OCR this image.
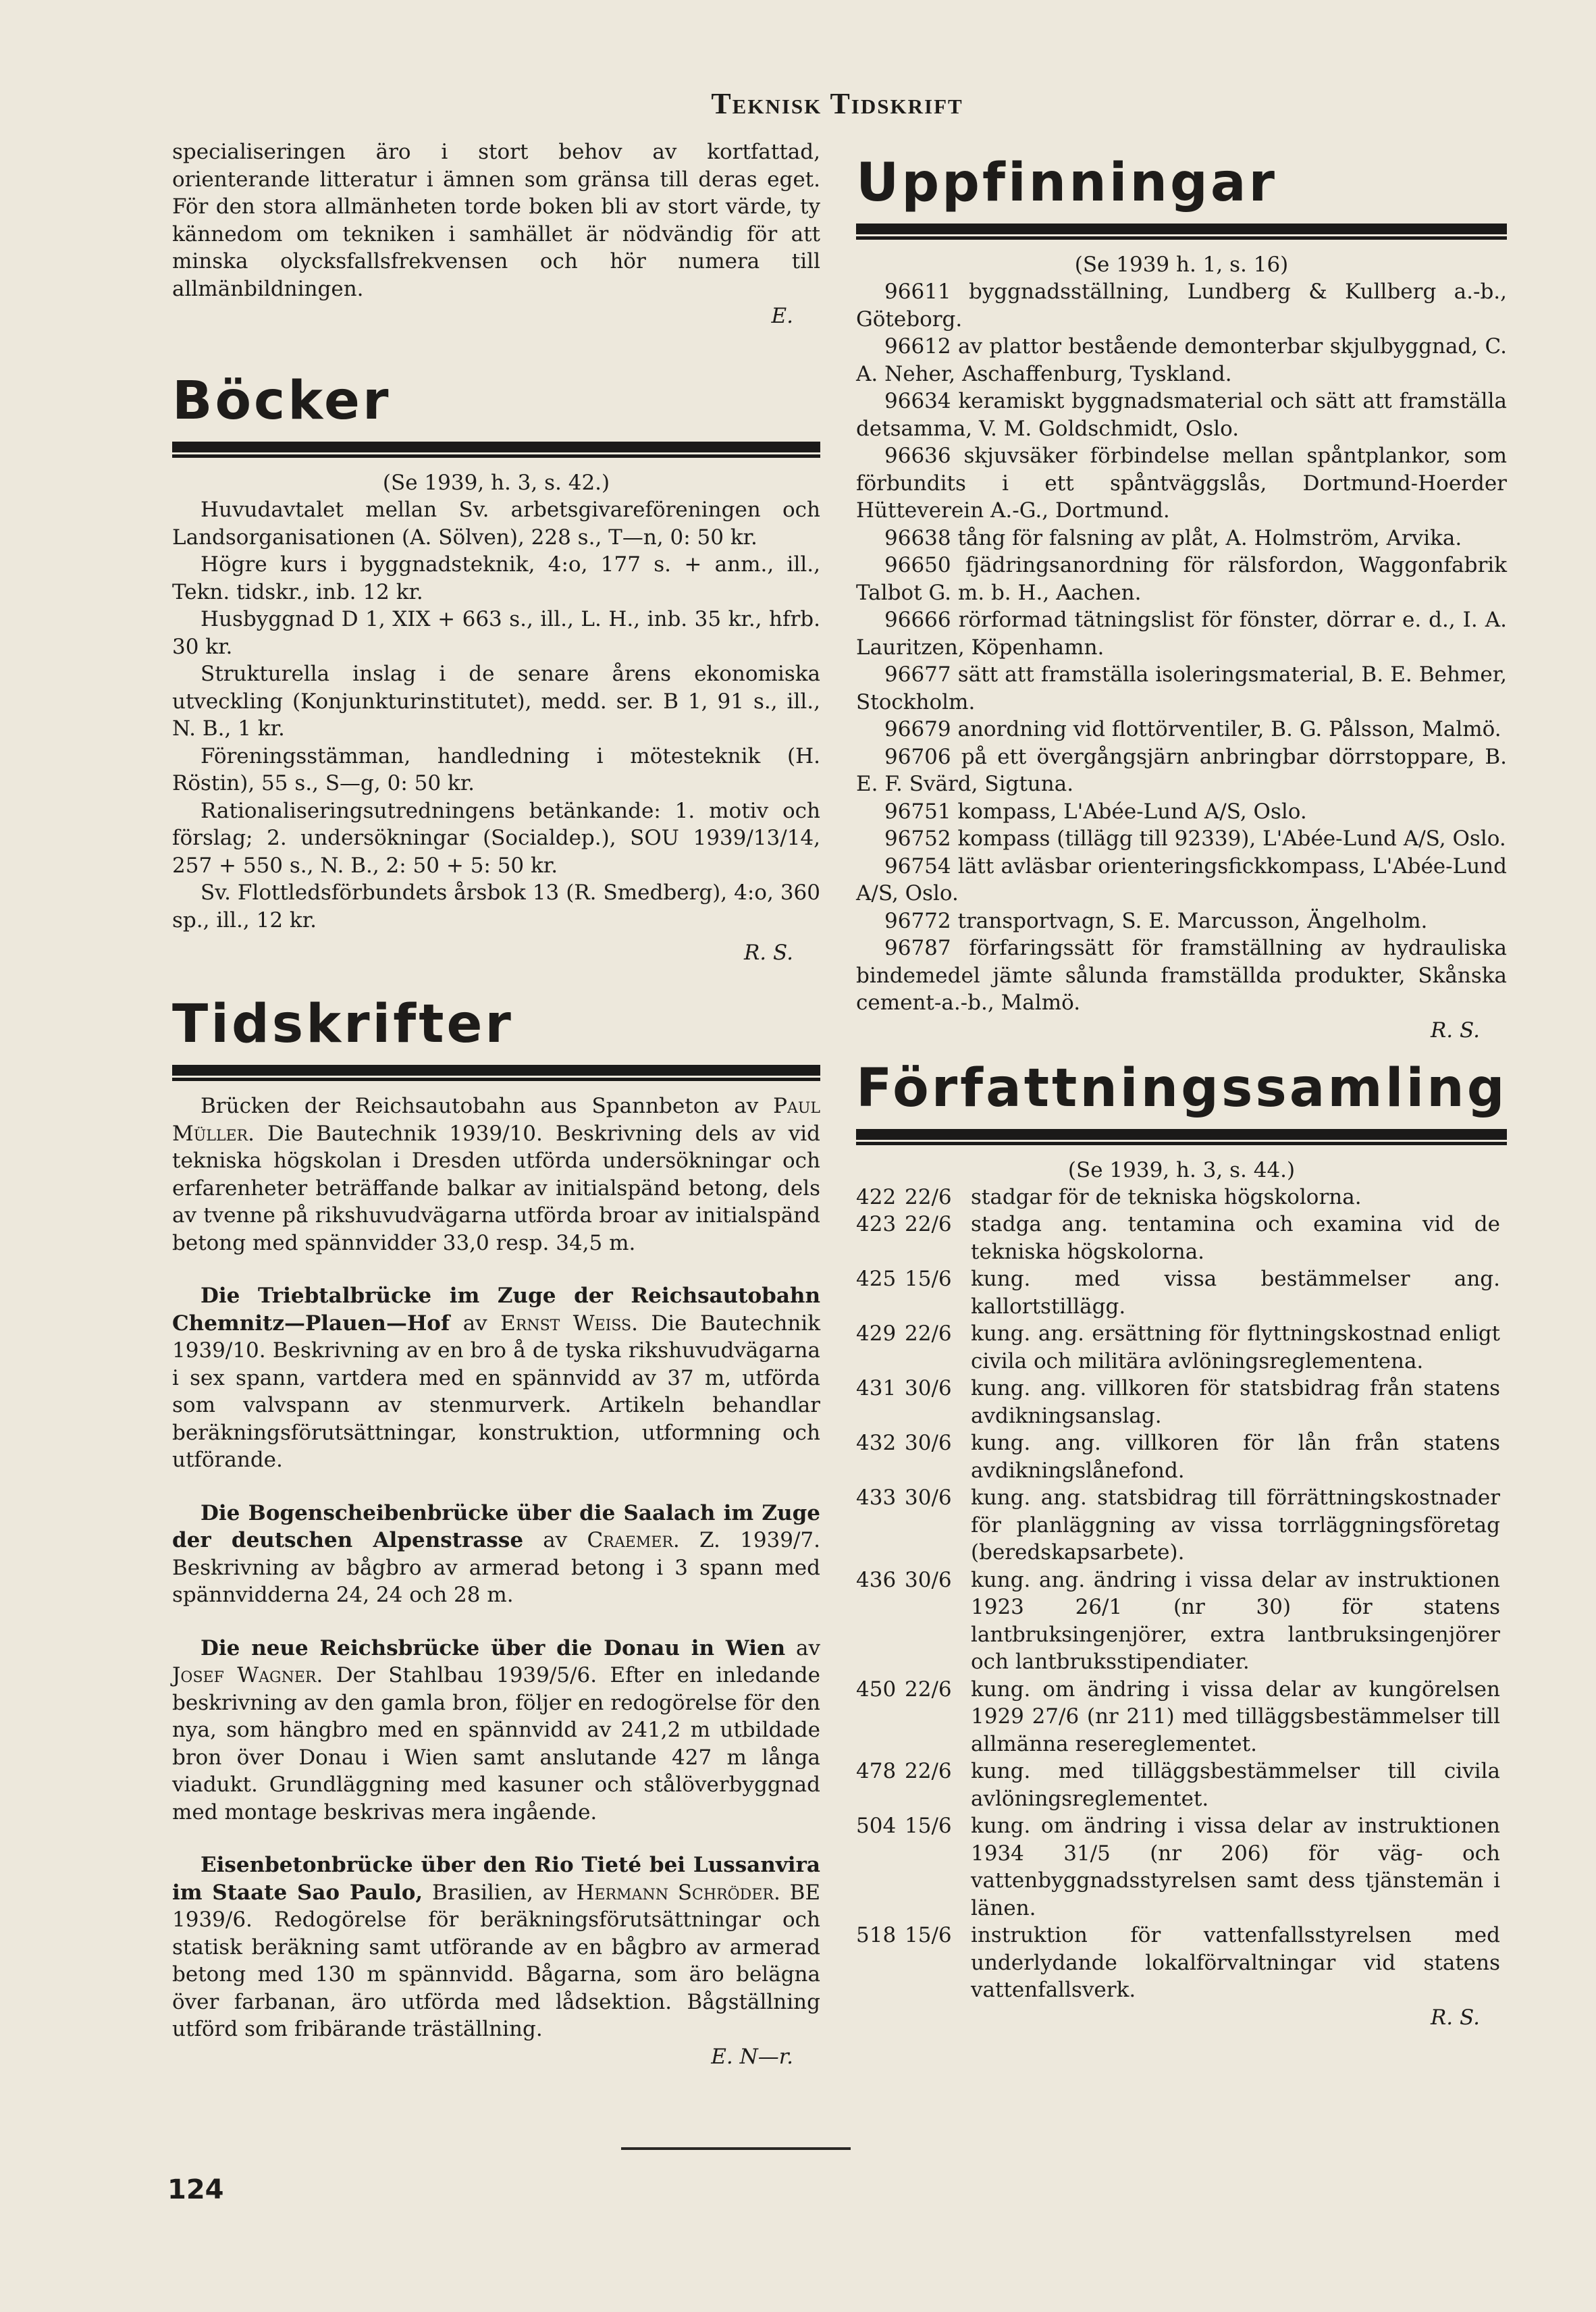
Teknisk Tidskrift

specialiseringen äro i stort behov av kortfattad, orienterande litteratur i ämnen som gränsa till deras eget. För den stora allmänheten torde boken bli av stort värde, ty kännedom om tekniken i samhället är nödvändig för att minska olycksfallsfrekvensen och hör numera till allmänbildningen.

E.
Böcker
(Se 1939, h. 3, s. 42.)

Huvudavtalet mellan Sv. arbetsgivareföreningen och Landsorganisationen (A. Sölven), 228 s., T—n, 0: 50 kr.

Högre kurs i byggnadsteknik, 4:o, 177 s. + anm., ill., Tekn. tidskr., inb. 12 kr.

Husbyggnad D 1, XIX + 663 s., ill., L. H., inb. 35 kr., hfrb. 30 kr.

Strukturella inslag i de senare årens ekonomiska utveckling (Konjunkturinstitutet), medd. ser. B 1, 91 s., ill., N. B., 1 kr.

Föreningsstämman, handledning i mötesteknik (H. Röstin), 55 s., S—g, 0: 50 kr.

Rationaliseringsutredningens betänkande: 1. motiv och förslag; 2. undersökningar (Socialdep.), SOU 1939/13/14, 257 + 550 s., N. B., 2: 50 + 5: 50 kr.

Sv. Flottledsförbundets årsbok 13 (R. Smedberg), 4:o, 360 sp., ill., 12 kr.

R. S.
Tidskrifter

Brücken der Reichsautobahn aus Spannbeton av Paul Müller. Die Bautechnik 1939/10. Beskrivning dels av vid tekniska högskolan i Dresden utförda undersökningar och erfarenheter beträffande balkar av initialspänd betong, dels av tvenne på rikshuvudvägarna utförda broar av initialspänd betong med spännvidder 33,0 resp. 34,5 m.

Die Triebtalbrücke im Zuge der Reichsautobahn Chemnitz—Plauen—Hof av Ernst Weiss. Die Bautechnik 1939/10. Beskrivning av en bro å de tyska rikshuvudvägarna i sex spann, vartdera med en spännvidd av 37 m, utförda som valvspann av stenmurverk. Artikeln behandlar beräkningsförutsättningar, konstruktion, utformning och utförande.

Die Bogenscheibenbrücke über die Saalach im Zuge der deutschen Alpenstrasse av Craemer. Z. 1939/7. Beskrivning av bågbro av armerad betong i 3 spann med spännvidderna 24, 24 och 28 m.

Die neue Reichsbrücke über die Donau in Wien av Josef Wagner. Der Stahlbau 1939/5/6. Efter en inledande beskrivning av den gamla bron, följer en redogörelse för den nya, som hängbro med en spännvidd av 241,2 m utbildade bron över Donau i Wien samt anslutande 427 m långa viadukt. Grundläggning med kasuner och stålöverbyggnad med montage beskrivas mera ingående.

Eisenbetonbrücke über den Rio Tieté bei Lussanvira im Staate Sao Paulo, Brasilien, av Hermann Schröder. BE 1939/6. Redogörelse för beräkningsförutsättningar och statisk beräkning samt utförande av en bågbro av armerad betong med 130 m spännvidd. Bågarna, som äro belägna över farbanan, äro utförda med lådsektion. Bågställning utförd som fribärande träställning.

E. N—r.
Uppfinningar
(Se 1939 h. 1, s. 16)

96611 byggnadsställning, Lundberg & Kullberg a.-b., Göteborg.

96612 av plattor bestående demonterbar skjulbyggnad, C. A. Neher, Aschaffenburg, Tyskland.

96634 keramiskt byggnadsmaterial och sätt att framställa detsamma, V. M. Goldschmidt, Oslo.

96636 skjuvsäker förbindelse mellan spåntplankor, som förbundits i ett spåntväggslås, Dortmund-Hoerder Hütteverein A.-G., Dortmund.

96638 tång för falsning av plåt, A. Holmström, Arvika.

96650 fjädringsanordning för rälsfordon, Waggonfabrik Talbot G. m. b. H., Aachen.

96666 rörformad tätningslist för fönster, dörrar e. d., I. A. Lauritzen, Köpenhamn.

96677 sätt att framställa isoleringsmaterial, B. E. Behmer, Stockholm.

96679 anordning vid flottörventiler, B. G. Pålsson, Malmö.

96706 på ett övergångsjärn anbringbar dörrstoppare, B. E. F. Svärd, Sigtuna.

96751 kompass, L'Abée-Lund A/S, Oslo.

96752 kompass (tillägg till 92339), L'Abée-Lund A/S, Oslo.

96754 lätt avläsbar orienteringsfickkompass, L'Abée-Lund A/S, Oslo.

96772 transportvagn, S. E. Marcusson, Ängelholm.

96787 förfaringssätt för framställning av hydrauliska bindemedel jämte sålunda framställda produkter, Skånska cement-a.-b., Malmö.

R. S.
Författningssamling
(Se 1939, h. 3, s. 44.)
422 22/6 stadgar för de tekniska högskolorna.
423 22/6 stadga ang. tentamina och examina vid de tekniska högskolorna.
425 15/6 kung. med vissa bestämmelser ang. kallortstillägg.
429 22/6 kung. ang. ersättning för flyttningskostnad enligt civila och militära avlöningsreglementena.
431 30/6 kung. ang. villkoren för statsbidrag från statens avdikningsanslag.
432 30/6 kung. ang. villkoren för lån från statens avdikningslånefond.
433 30/6 kung. ang. statsbidrag till förrättningskostnader för planläggning av vissa torrläggningsföretag (beredskapsarbete).
436 30/6 kung. ang. ändring i vissa delar av instruktionen 1923 26/1 (nr 30) för statens lantbruksingenjörer, extra lantbruksingenjörer och lantbruksstipendiater.
450 22/6 kung. om ändring i vissa delar av kungörelsen 1929 27/6 (nr 211) med tilläggsbestämmelser till allmänna resereglementet.
478 22/6 kung. med tilläggsbestämmelser till civila avlöningsreglementet.
504 15/6 kung. om ändring i vissa delar av instruktionen 1934 31/5 (nr 206) för väg- och vattenbyggnadsstyrelsen samt dess tjänstemän i länen.
518 15/6 instruktion för vattenfallsstyrelsen med underlydande lokalförvaltningar vid statens vattenfallsverk.
R. S.
124
